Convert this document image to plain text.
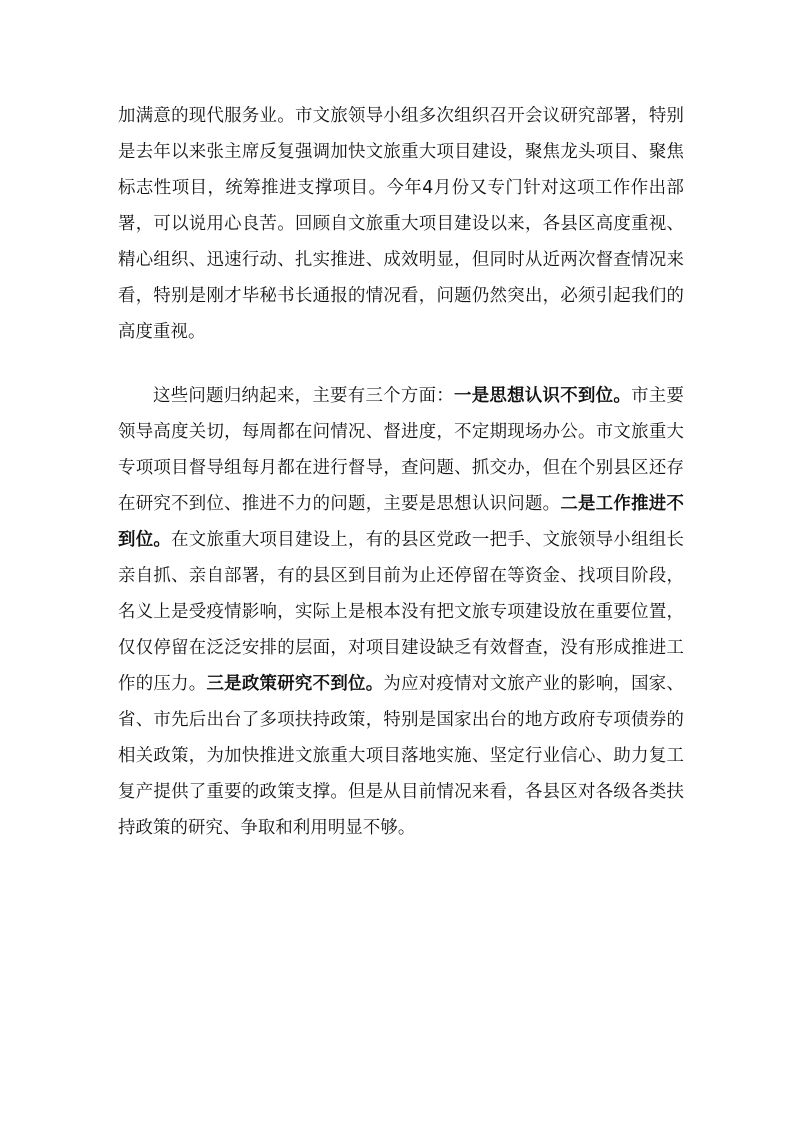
加满意的现代服务业。市文旅领导小组多次组织召开会议研究部署，特别是去年以来张主席反复强调加快文旅重大项目建设，聚焦龙头项目、聚焦标志性项目，统筹推进支撑项目。今年4月份又专门针对这项工作作出部署，可以说用心良苦。回顾自文旅重大项目建设以来，各县区高度重视、精心组织、迅速行动、扎实推进、成效明显，但同时从近两次督查情况来看，特别是刚才毕秘书长通报的情况看，问题仍然突出，必须引起我们的高度重视。

这些问题归纳起来，主要有三个方面：一是思想认识不到位。市主要领导高度关切，每周都在问情况、督进度，不定期现场办公。市文旅重大专项项目督导组每月都在进行督导，查问题、抓交办，但在个别县区还存在研究不到位、推进不力的问题，主要是思想认识问题。二是工作推进不到位。在文旅重大项目建设上，有的县区党政一把手、文旅领导小组组长亲自抓、亲自部署，有的县区到目前为止还停留在等资金、找项目阶段，名义上是受疫情影响，实际上是根本没有把文旅专项建设放在重要位置，仅仅停留在泛泛安排的层面，对项目建设缺乏有效督查，没有形成推进工作的压力。三是政策研究不到位。为应对疫情对文旅产业的影响，国家、省、市先后出台了多项扶持政策，特别是国家出台的地方政府专项债券的相关政策，为加快推进文旅重大项目落地实施、坚定行业信心、助力复工复产提供了重要的政策支撑。但是从目前情况来看，各县区对各级各类扶持政策的研究、争取和利用明显不够。
